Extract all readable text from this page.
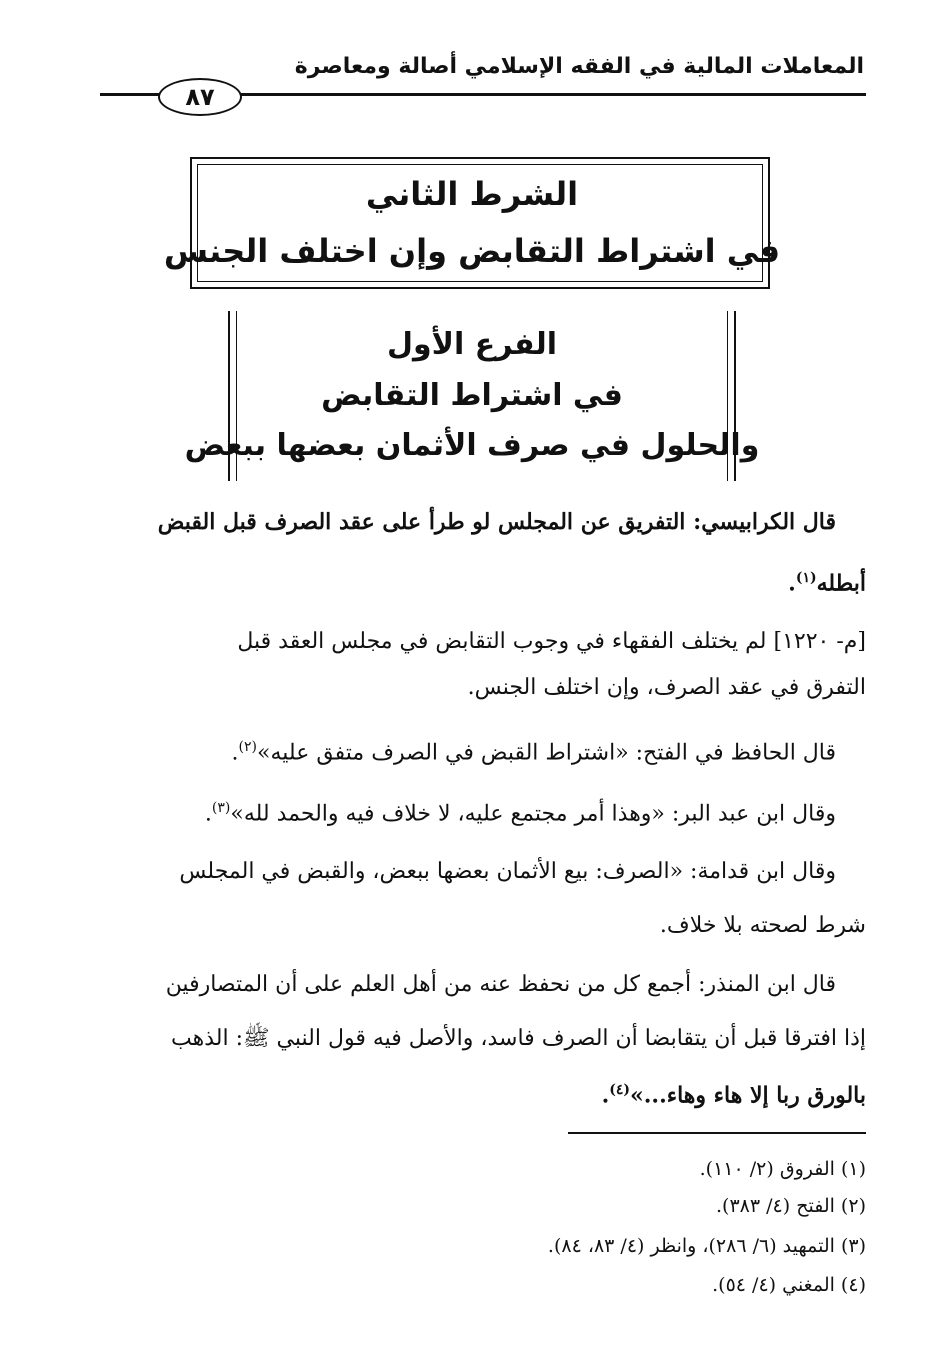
المعاملات المالية في الفقه الإسلامي أصالة ومعاصرة
٨٧
الشرط الثاني
في اشتراط التقابض وإن اختلف الجنس
الفرع الأول
في اشتراط التقابض
والحلول في صرف الأثمان بعضها ببعض
قال الكرابيسي: التفريق عن المجلس لو طرأ على عقد الصرف قبل القبض
أبطله$^{(١)}$.
[م- ١٢٢٠] لم يختلف الفقهاء في وجوب التقابض في مجلس العقد قبل
التفرق في عقد الصرف، وإن اختلف الجنس.
قال الحافظ في الفتح: «اشتراط القبض في الصرف متفق عليه»$^{(٢)}$.
وقال ابن عبد البر: «وهذا أمر مجتمع عليه، لا خلاف فيه والحمد لله»$^{(٣)}$.
وقال ابن قدامة: «الصرف: بيع الأثمان بعضها ببعض، والقبض في المجلس
شرط لصحته بلا خلاف.
قال ابن المنذر: أجمع كل من نحفظ عنه من أهل العلم على أن المتصارفين
إذا افترقا قبل أن يتقابضا أن الصرف فاسد، والأصل فيه قول النبي ﷺ: الذهب
بالورق ربا إلا هاء وهاء...»$^{(٤)}$.
(١) الفروق (٢/ ١١٠).
(٢) الفتح (٤/ ٣٨٣).
(٣) التمهيد (٦/ ٢٨٦)، وانظر (٤/ ٨٣، ٨٤).
(٤) المغني (٤/ ٥٤).
